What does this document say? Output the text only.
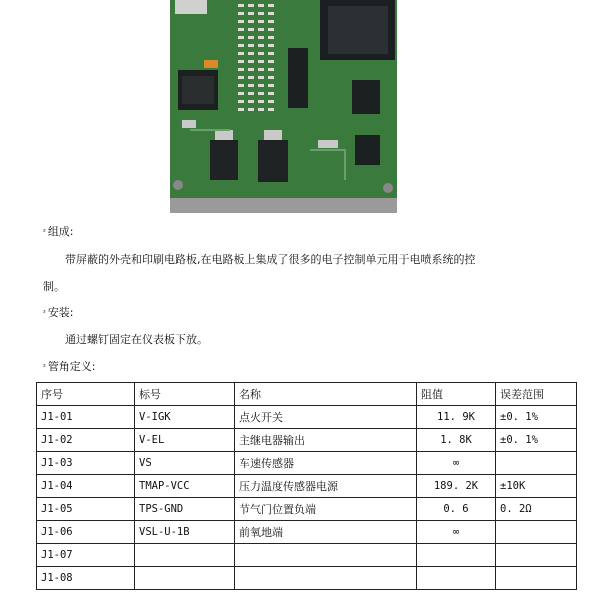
$^{^2}$ 组成:
带屏蔽的外壳和印刷电路板,在电路板上集成了很多的电子控制单元用于电喷系统的控
制。
$^{^2}$ 安装:
通过螺钉固定在仪表板下放。
$^{^2}$ 管角定义:
序号	标号	名称	阻值	误差范围
J1-01	V-IGK	点火开关	11. 9K	±0. 1%
J1-02	V-EL	主继电器输出	1. 8K	±0. 1%
J1-03	VS	车速传感器	∞	
J1-04	TMAP-VCC	压力温度传感器电源	189. 2K	±10K
J1-05	TPS-GND	节气门位置负端	0. 6	0. 2Ω
J1-06	VSL-U-1B	前氧地端	∞	
J1-07				
J1-08				
